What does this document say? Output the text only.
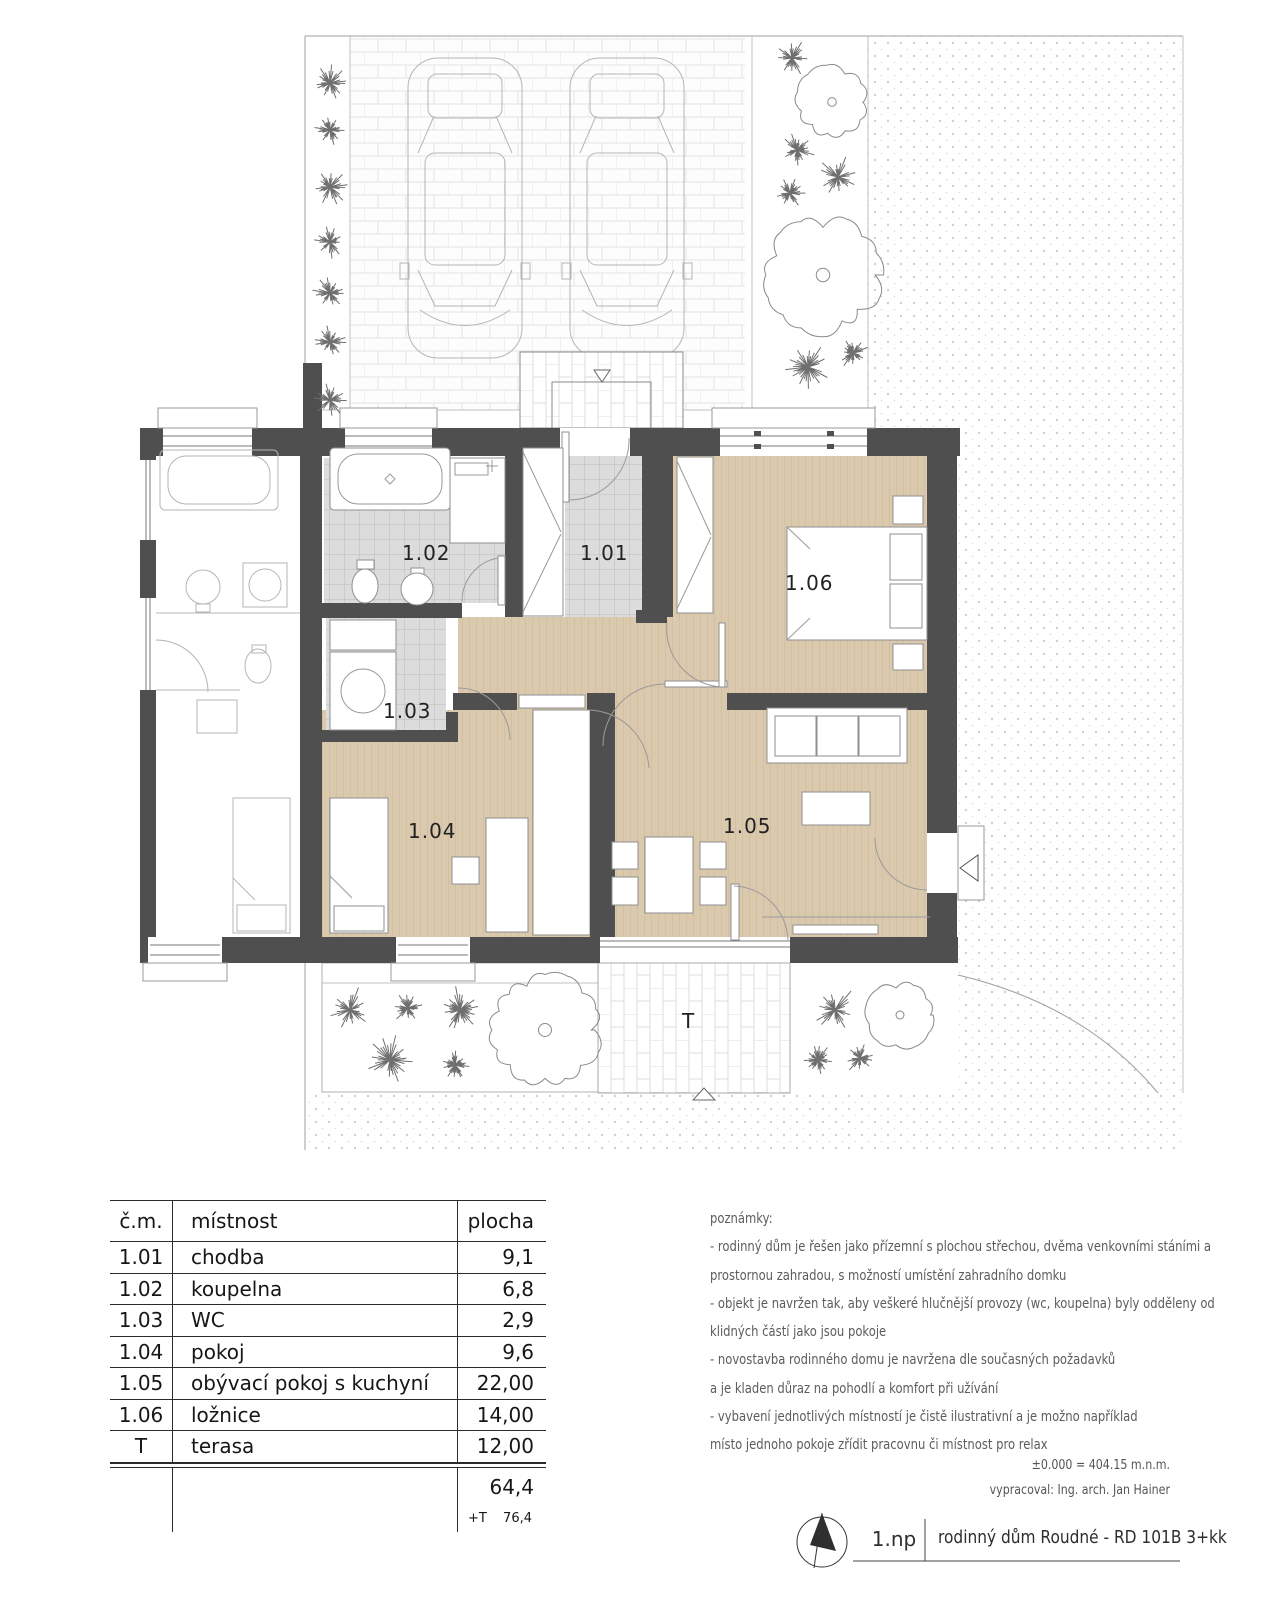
1.01
1.02
1.03
1.04	1.05
1.06
T
č.m.	místnost	plocha
1.01	chodba	9,1
1.02	koupelna	6,8
1.03	WC	2,9
1.04	pokoj	9,6
1.05	obývací pokoj s kuchyní	22,00
1.06	ložnice	14,00
T	terasa	12,00
64,4
+T 76,4
poznámky:
- rodinný dům je řešen jako přízemní s plochou střechou, dvěma venkovními stáními a
prostornou zahradou, s možností umístění zahradního domku
- objekt je navržen tak, aby veškeré hlučnější provozy (wc, koupelna) byly odděleny od
klidných částí jako jsou pokoje
- novostavba rodinného domu je navržena dle současných požadavků
a je kladen důraz na pohodlí a komfort při užívání
- vybavení jednotlivých místností je čistě ilustrativní a je možno například
místo jednoho pokoje zřídit pracovnu či místnost pro relax
±0.000 = 404.15 m.n.m.
vypracoval: Ing. arch. Jan Hainer
1.np	rodinný dům Roudné - RD 101B 3+kk
